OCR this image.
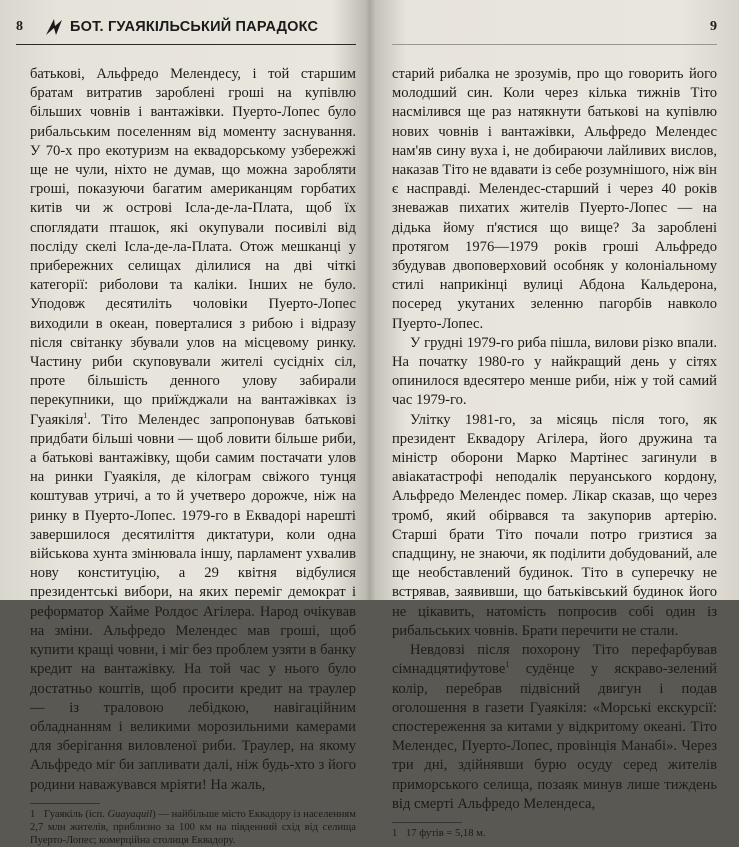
8	БОТ. ГУАЯКІЛЬСЬКИЙ ПАРАДОКС

батькові, Альфредо Мелендесу, і той старшим братам витратив зароблені гроші на купівлю більших човнів і вантажівки. Пуерто-Лопес було рибальським поселенням від моменту заснування. У 70-х про екотуризм на еквадорському узбережжі ще не чули, ніхто не думав, що можна заробляти гроші, показуючи багатим американцям горбатих китів чи ж острові Ісла-де-ла-Плата, щоб їх споглядати пташок, які окупували посивілі від посліду скелі Ісла-де-ла-Плата. Отож мешканці у прибережних селищах ділилися на дві чіткі категорії: риболови та каліки. Інших не було. Уподовж десятиліть чоловіки Пуерто-Лопес виходили в океан, поверталися з рибою і відразу після світанку збували улов на місцевому ринку. Частину риби скуповували жителі сусідніх сіл, проте більшість денного улову забирали перекупники, що приїжджали на вантажівках із Гуаякіля$^1$. Тіто Мелендес запропонував батькові придбати більші човни — щоб ловити більше риби, а батькові вантажівку, щоби самим постачати улов на ринки Гуаякіля, де кілограм свіжого тунця коштував утричі, а то й учетверо дорожче, ніж на ринку в Пуерто-Лопес. 1979-го в Еквадорі нарешті завершилося десятиліття диктатури, коли одна військова хунта змінювала іншу, парламент ухвалив нову конституцію, а 29 квітня відбулися президентські вибори, на яких переміг демократ і реформатор Хайме Ролдос Агілера. Народ очікував на зміни. Альфредо Мелендес мав гроші, щоб купити кращі човни, і міг без проблем узяти в банку кредит на вантажівку. На той час у нього було достатньо коштів, щоб просити кредит на траулер — із траловою лебідкою, навігаційним обладнанням і великими морозильними камерами для зберігання виловленої риби. Траулер, на якому Альфредо міг би запливати далі, ніж будь-хто з його родини наважувався мріяти! На жаль,

1 Гуаякіль (ісп. Guayaquil) — найбільше місто Еквадору із населенням 2,7 млн жителів, приблизно за 100 км на південний схід від селища Пуерто-Лопес; комерційна столиця Еквадору.
9

старий рибалка не зрозумів, про що говорить його молодший син. Коли через кілька тижнів Тіто насмілився ще раз натякнути батькові на купівлю нових човнів і вантажівки, Альфредо Мелендес нам'яв сину вуха і, не добираючи лайливих вислов, наказав Тіто не вдавати із себе розумнішого, ніж він є насправді. Мелендес-старший і через 40 років зневажав пихатих жителів Пуерто-Лопес — на дідька йому п'ястися що вище? За зароблені протягом 1976—1979 років гроші Альфредо збудував двоповерховий особняк у колоніальному стилі наприкінці вулиці Абдона Кальдерона, посеред укутаних зеленню пагорбів навколо Пуерто-Лопес.

У грудні 1979-го риба пішла, вилови різко впали. На початку 1980-го у найкращий день у сітях опинилося вдесятеро менше риби, ніж у той самий час 1979-го.

Улітку 1981-го, за місяць після того, як президент Еквадору Агілера, його дружина та міністр оборони Марко Мартінес загинули в авіакатастрофі неподалік перуанського кордону, Альфредо Мелендес помер. Лікар сказав, що через тромб, який обірвався та закупорив артерію. Старші брати Тіто почали потро гризтися за спадщину, не знаючи, як поділити добудований, але ще необставлений будинок. Тіто в суперечку не встрявав, заявивши, що батьківський будинок його не цікавить, натомість попросив собі один із рибальських човнів. Брати перечити не стали.

Невдовзі після похорону Тіто перефарбував сімнадцятифутове$^1$ судёнце у яскраво-зелений колір, перебрав підвісний двигун і подав оголошення в газети Гуаякіля: «Морські екскурсії: спостереження за китами у відкритому океані. Тіто Мелендес, Пуерто-Лопес, провінція Манабі». Через три дні, здійнявши бурю осуду серед жителів приморського селища, позаяк минув лише тиждень від смерті Альфредо Мелендеса,

1 17 футів = 5,18 м.
